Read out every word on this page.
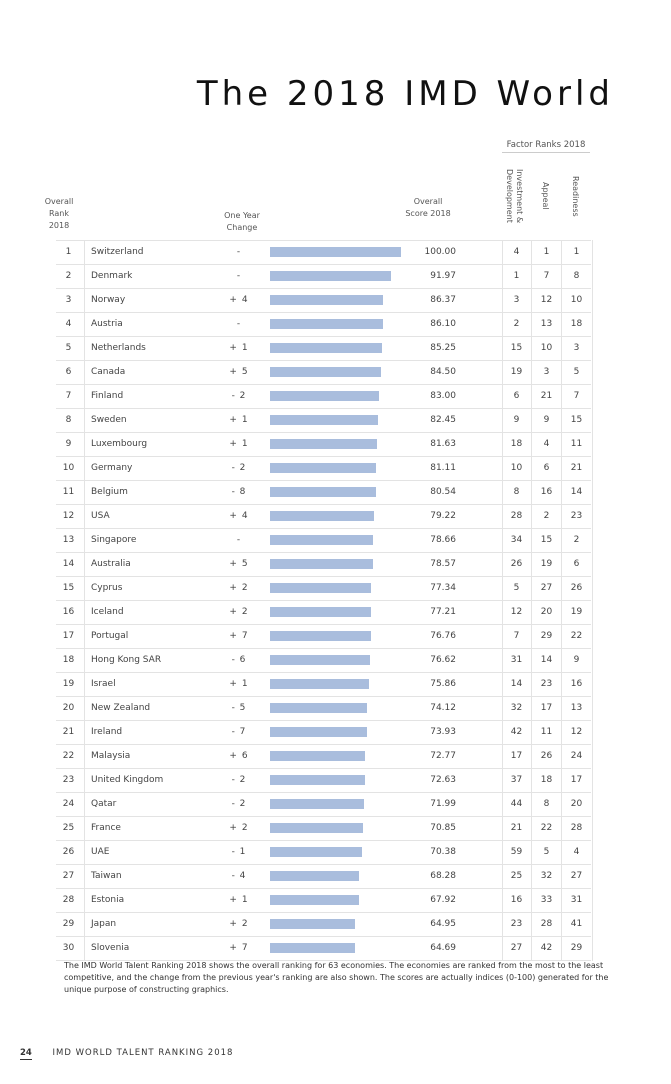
The 2018 IMD World
Overall Rank 2018
One Year Change
Overall Score 2018
Factor Ranks 2018
Investment & Development	Appeal	Readiness
1	Switzerland	-	100.00	4	1	1
2	Denmark	-	91.97	1	7	8
3	Norway	+ 4	86.37	3	12	10
4	Austria	-	86.10	2	13	18
5	Netherlands	+ 1	85.25	15	10	3
6	Canada	+ 5	84.50	19	3	5
7	Finland	- 2	83.00	6	21	7
8	Sweden	+ 1	82.45	9	9	15
9	Luxembourg	+ 1	81.63	18	4	11
10	Germany	- 2	81.11	10	6	21
11	Belgium	- 8	80.54	8	16	14
12	USA	+ 4	79.22	28	2	23
13	Singapore	-	78.66	34	15	2
14	Australia	+ 5	78.57	26	19	6
15	Cyprus	+ 2	77.34	5	27	26
16	Iceland	+ 2	77.21	12	20	19
17	Portugal	+ 7	76.76	7	29	22
18	Hong Kong SAR	- 6	76.62	31	14	9
19	Israel	+ 1	75.86	14	23	16
20	New Zealand	- 5	74.12	32	17	13
21	Ireland	- 7	73.93	42	11	12
22	Malaysia	+ 6	72.77	17	26	24
23	United Kingdom	- 2	72.63	37	18	17
24	Qatar	- 2	71.99	44	8	20
25	France	+ 2	70.85	21	22	28
26	UAE	- 1	70.38	59	5	4
27	Taiwan	- 4	68.28	25	32	27
28	Estonia	+ 1	67.92	16	33	31
29	Japan	+ 2	64.95	23	28	41
30	Slovenia	+ 7	64.69	27	42	29
The IMD World Talent Ranking 2018 shows the overall ranking for 63 economies. The economies are ranked from the most to the least competitive, and the change from the previous year's ranking are also shown. The scores are actually indices (0-100) generated for the unique purpose of constructing graphics.
24 IMD WORLD TALENT RANKING 2018
